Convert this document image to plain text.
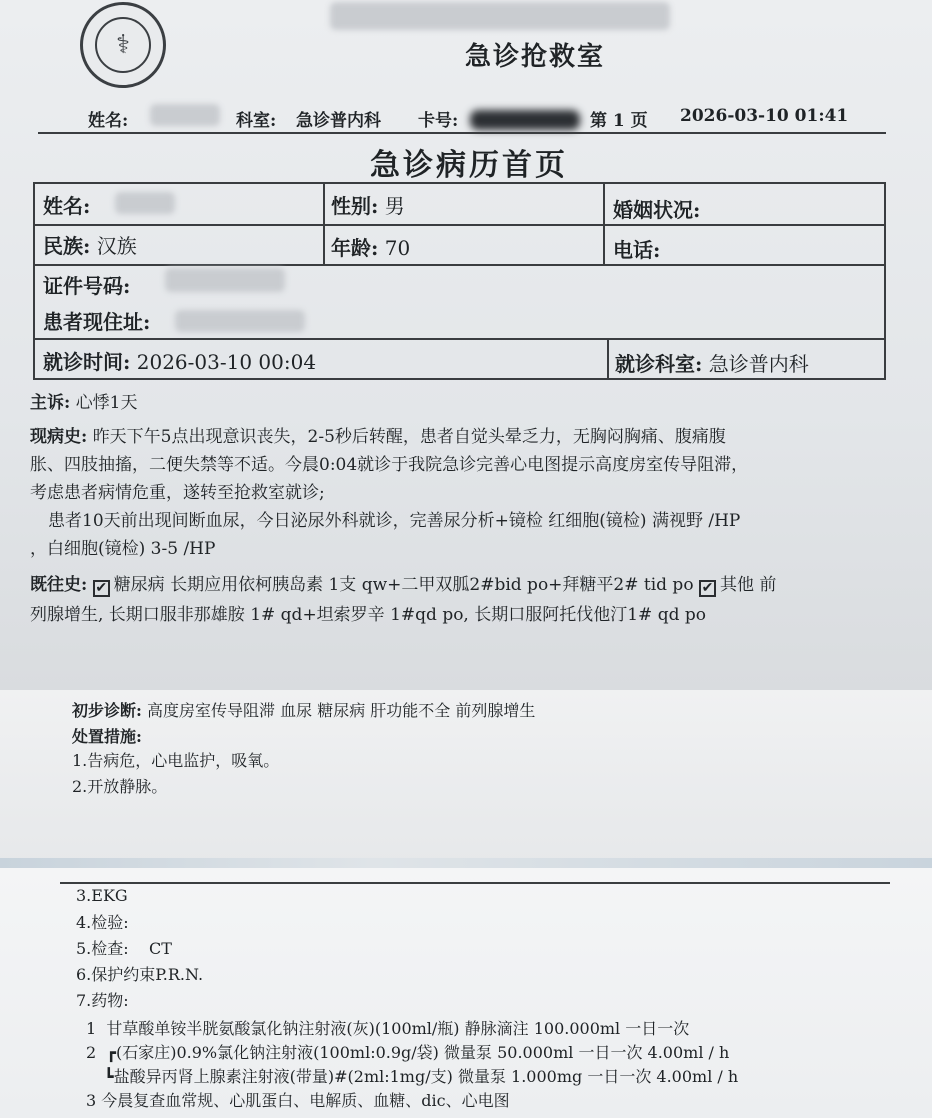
⚕	急诊抢救室
姓名:	科室: 急诊普内科 卡号:	第 1 页 2026-03-10 01:41
急诊病历首页
姓名:	性别: 男	婚姻状况:
民族: 汉族	年龄: 70	电话:
证件号码:
患者现住址:
就诊时间: 2026-03-10 00:04	就诊科室: 急诊普内科
主诉: 心悸1天
现病史: 昨天下午5点出现意识丧失，2-5秒后转醒，患者自觉头晕乏力，无胸闷胸痛、腹痛腹
胀、四肢抽搐，二便失禁等不适。今晨0:04就诊于我院急诊完善心电图提示高度房室传导阻滞，
考虑患者病情危重，遂转至抢救室就诊;
患者10天前出现间断血尿，今日泌尿外科就诊，完善尿分析+镜检 红细胞(镜检) 满视野 /HP
，白细胞(镜检) 3-5 /HP
既往史: ✔ 糖尿病 长期应用依柯胰岛素 1支 qw+二甲双胍2#bid po+拜糖平2# tid po ✔ 其他 前
列腺增生, 长期口服非那雄胺 1# qd+坦索罗辛 1#qd po, 长期口服阿托伐他汀1# qd po
初步诊断: 高度房室传导阻滞 血尿 糖尿病 肝功能不全 前列腺增生
处置措施:
1.告病危，心电监护，吸氧。
2.开放静脉。
3.EKG
4.检验:
5.检查: CT
6.保护约束P.R.N.
7.药物:
1 甘草酸单铵半胱氨酸氯化钠注射液(灰)(100ml/瓶) 静脉滴注 100.000ml 一日一次
2 ┏(石家庄)0.9%氯化钠注射液(100ml:0.9g/袋) 微量泵 50.000ml 一日一次 4.00ml / h
┗盐酸异丙肾上腺素注射液(带量)#(2ml:1mg/支) 微量泵 1.000mg 一日一次 4.00ml / h
3 今晨复查血常规、心肌蛋白、电解质、血糖、dic、心电图
